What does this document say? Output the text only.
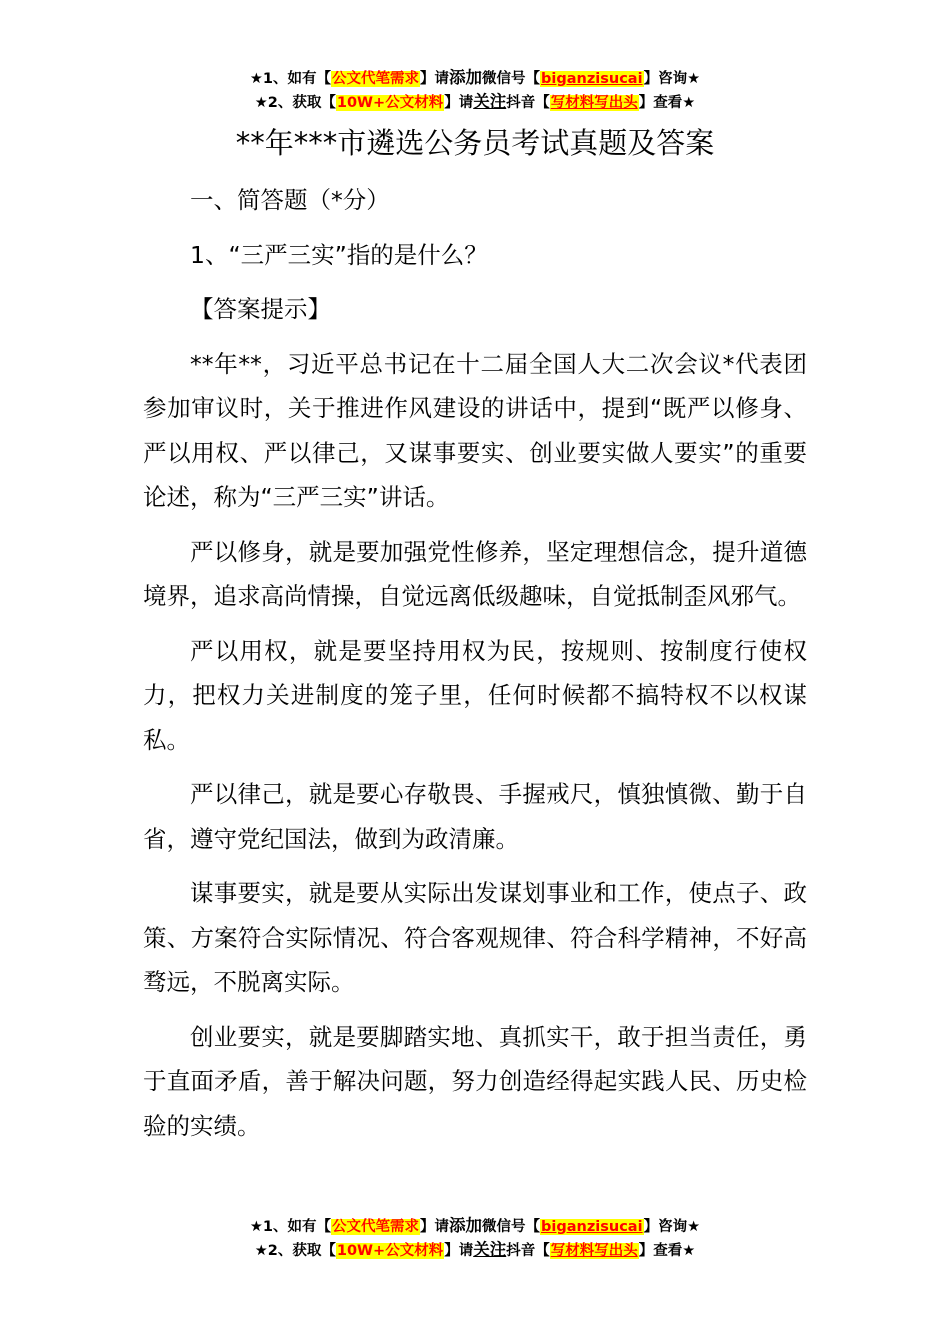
★1、如有【公文代笔需求】请添加微信号【biganzisucai】咨询★
★2、获取【10W+公文材料】请关注抖音【写材料写出头】查看★
**年***市遴选公务员考试真题及答案

一、简答题（*分）

1、“三严三实”指的是什么？

【答案提示】

**年**，习近平总书记在十二届全国人大二次会议*代表团参加审议时，关于推进作风建设的讲话中，提到“既严以修身、严以用权、严以律己，又谋事要实、创业要实做人要实”的重要论述，称为“三严三实”讲话。

严以修身，就是要加强党性修养，坚定理想信念，提升道德境界，追求高尚情操，自觉远离低级趣味，自觉抵制歪风邪气。

严以用权，就是要坚持用权为民，按规则、按制度行使权力，把权力关进制度的笼子里，任何时候都不搞特权不以权谋私。

严以律己，就是要心存敬畏、手握戒尺，慎独慎微、勤于自省，遵守党纪国法，做到为政清廉。

谋事要实，就是要从实际出发谋划事业和工作，使点子、政策、方案符合实际情况、符合客观规律、符合科学精神，不好高骛远，不脱离实际。

创业要实，就是要脚踏实地、真抓实干，敢于担当责任，勇于直面矛盾，善于解决问题，努力创造经得起实践人民、历史检验的实绩。

★1、如有【公文代笔需求】请添加微信号【biganzisucai】咨询★
★2、获取【10W+公文材料】请关注抖音【写材料写出头】查看★
